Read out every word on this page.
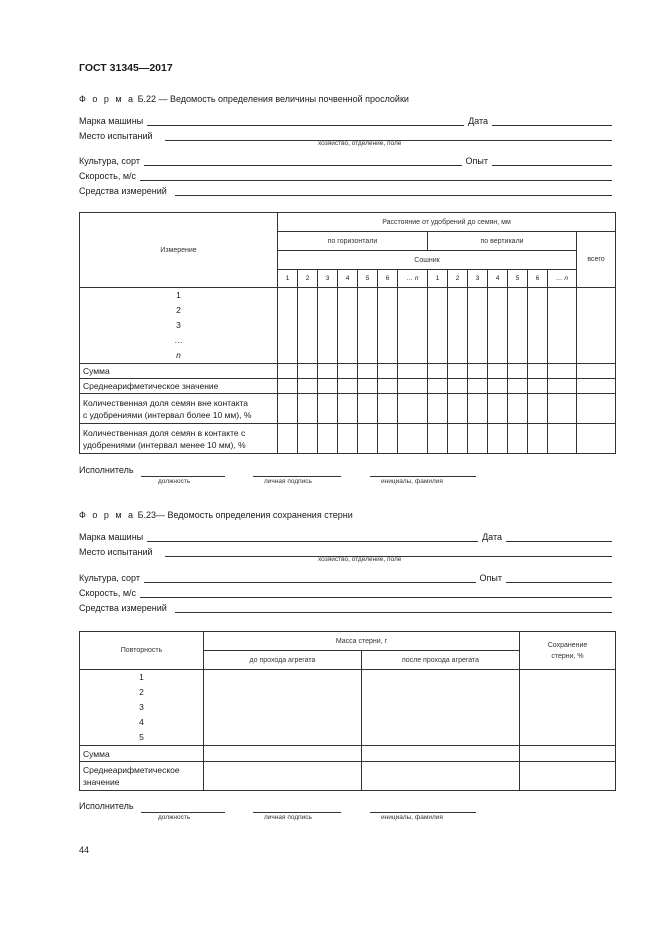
ГОСТ 31345—2017
Ф о р м а Б.22 — Ведомость определения величины почвенной прослойки
Марка машины	Дата
Место испытаний
хозяйство, отделение, поле
Культура, сорт	Опыт
Скорость, м/с
Средства измерений
Измерение	Расстояние от удобрений до семян, мм														
	по горизонтали							по вертикали							всего
	Сошник														
	1	2	3	4	5	6	… n	1	2	3	4	5	6	… n	

1
2
3
…
n															

Сумма															
Среднеарифметическое значение															

Количественная доля семян вне контакта
с удобрениями (интервал более 10 мм), %															

Количественная доля семян в контакте с
удобрениями (интервал менее 10 мм), %															

Исполнитель
должность	личная подпись	инициалы, фамилия
Ф о р м а Б.23— Ведомость определения сохранения стерни
Марка машины	Дата
Место испытаний
хозяйство, отделение, поле
Культура, сорт	Опыт
Скорость, м/с
Средства измерений
Повторность	Масса стерни, г		Сохранение
стерни, %

	до прохода агрегата	после прохода агрегата	

1
2
3
4
5			

Сумма			

Среднеарифметическое
значение			

Исполнитель
должность	личная подпись	инициалы, фамилия
44
